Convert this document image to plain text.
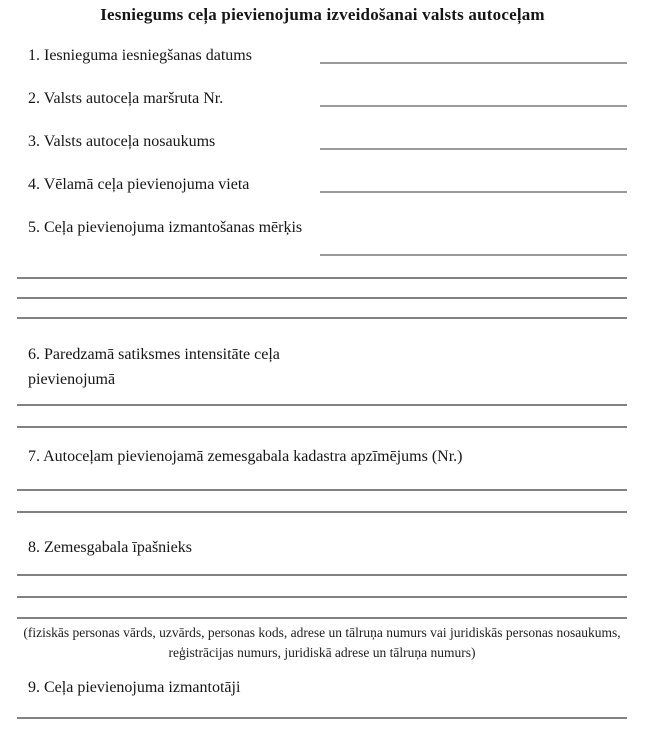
Iesniegums ceļa pievienojuma izveidošanai valsts autoceļam
1. Iesnieguma iesniegšanas datums
2. Valsts autoceļa maršruta Nr.
3. Valsts autoceļa nosaukums
4. Vēlamā ceļa pievienojuma vieta
5. Ceļa pievienojuma izmantošanas mērķis
6. Paredzamā satiksmes intensitāte ceļa pievienojumā
7. Autoceļam pievienojamā zemesgabala kadastra apzīmējums (Nr.)
8. Zemesgabala īpašnieks
(fiziskās personas vārds, uzvārds, personas kods, adrese un tālruņa numurs vai juridiskās personas nosaukums, reģistrācijas numurs, juridiskā adrese un tālruņa numurs)
9. Ceļa pievienojuma izmantotāji
